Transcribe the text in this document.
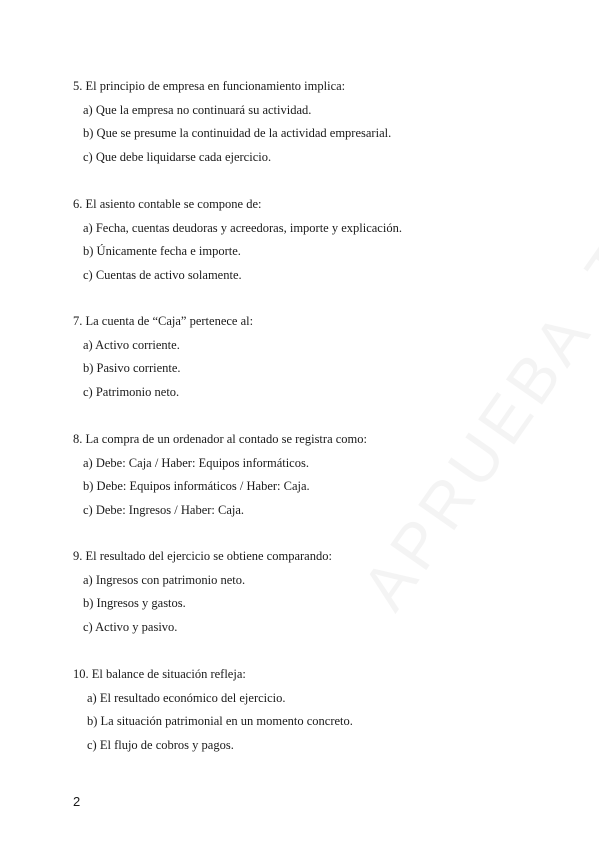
5. El principio de empresa en funcionamiento implica:

a) Que la empresa no continuará su actividad.

b) Que se presume la continuidad de la actividad empresarial.

c) Que debe liquidarse cada ejercicio.

6. El asiento contable se compone de:

a) Fecha, cuentas deudoras y acreedoras, importe y explicación.

b) Únicamente fecha e importe.

c) Cuentas de activo solamente.

7. La cuenta de “Caja” pertenece al:

a) Activo corriente.

b) Pasivo corriente.

c) Patrimonio neto.

8. La compra de un ordenador al contado se registra como:

a) Debe: Caja / Haber: Equipos informáticos.

b) Debe: Equipos informáticos / Haber: Caja.

c) Debe: Ingresos / Haber: Caja.

9. El resultado del ejercicio se obtiene comparando:

a) Ingresos con patrimonio neto.

b) Ingresos y gastos.

c) Activo y pasivo.

10. El balance de situación refleja:

a) El resultado económico del ejercicio.

b) La situación patrimonial en un momento concreto.

c) El flujo de cobros y pagos.

2
